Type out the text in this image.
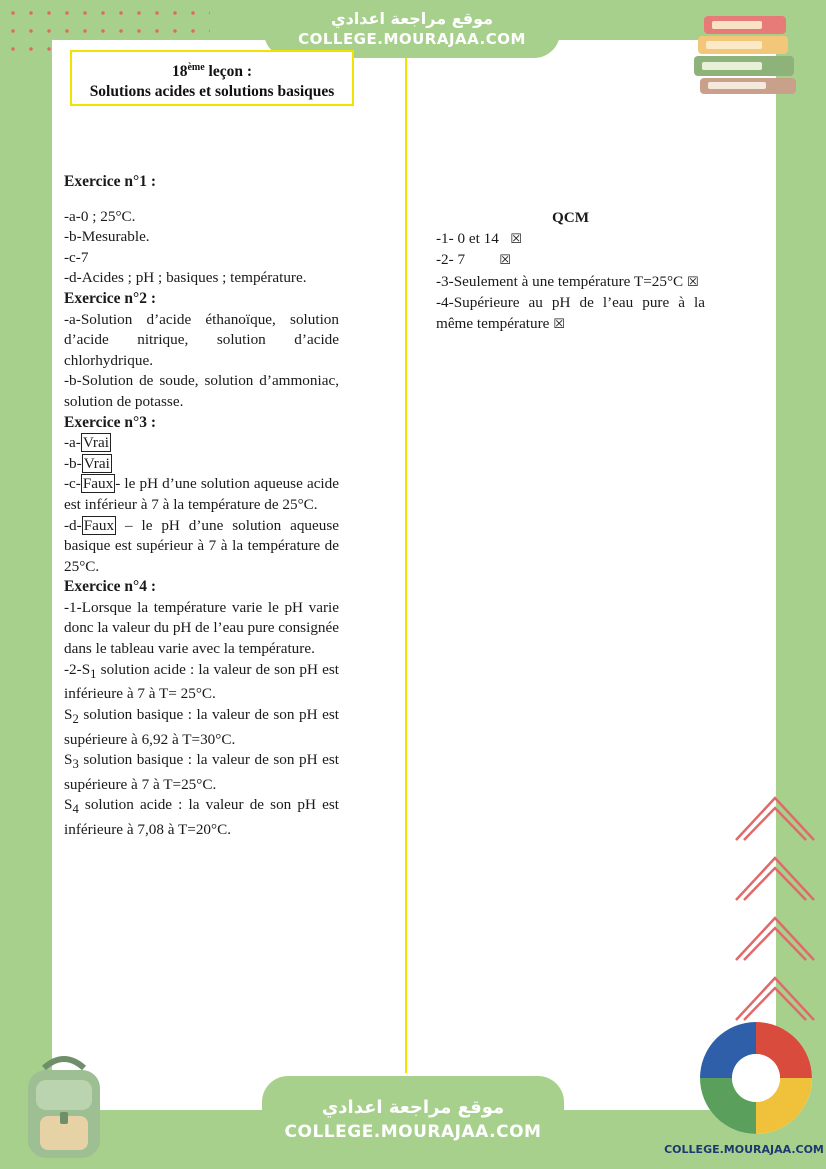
موقع مراجعة اعدادي
COLLEGE.MOURAJAA.COM
18ème leçon :
Solutions acides et solutions basiques
Exercice n°1 :

-a-0 ; 25°C.

-b-Mesurable.

-c-7

-d-Acides ; pH ; basiques ; température.

Exercice n°2 :

-a-Solution d’acide éthanoïque, solution d’acide nitrique, solution d’acide chlorhydrique.

-b-Solution de soude, solution d’ammoniac, solution de potasse.

Exercice n°3 :

-a- Vrai

-b- Vrai

-c- Faux - le pH d’une solution aqueuse acide est inférieur à 7 à la température de 25°C.

-d- Faux – le pH d’une solution aqueuse basique est supérieur à 7 à la température de 25°C.

Exercice n°4 :

-1-Lorsque la température varie le pH varie donc la valeur du pH de l’eau pure consignée dans le tableau varie avec la température.

$-2-S_1$ solution acide : la valeur de son pH est inférieure à 7 à T= 25°C.

$S_2$ solution basique : la valeur de son pH est supérieure à 6,92 à T=30°C.

$S_3$ solution basique : la valeur de son pH est supérieure à 7 à T=25°C.

$S_4$ solution acide : la valeur de son pH est inférieure à 7,08 à T=20°C.

QCM

-1- 0 et 14 ☒

-2- 7	☒

-3-Seulement à une température T=25°C ☒

-4-Supérieure au pH de l’eau pure à la même température ☒

موقع مراجعة اعدادي
COLLEGE.MOURAJAA.COM
COLLEGE.MOURAJAA.COM
